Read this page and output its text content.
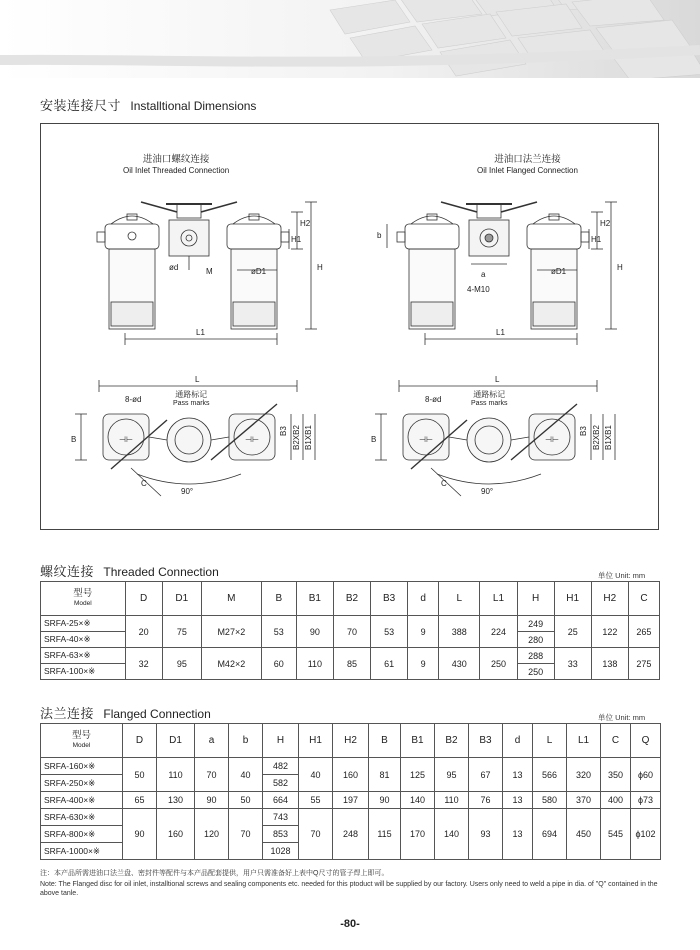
安装连接尺寸 Installtional Dimensions
⊣⊢	⊣⊢	⊣⊢	⊣⊢
ød	M	øD1
L1
H
H1
H2
a
4-M10
b
øD1
L1
H
H1
H2
L
8-ød
B
B3 B2XB2 B1XB1
C
90°
L
8-ød
B
B3 B2XB2 B1XB1
C
90°
进油口螺纹连接
Oil Inlet Threaded Connection
进油口法兰连接
Oil Inlet Flanged Connection
通路标记
Pass marks
通路标记
Pass marks
螺纹连接 Threaded Connection	单位 Unit: mm
型号
Model	D	D1	M	B	B1	B2	B3	d	L	L1	H	H1	H2	C
SRFA-25×※	20	75	M27×2	53	90	70	53	9	388	224	249	25	122	265
SRFA-40×※											280			
SRFA-63×※	32	95	M42×2	60	110	85	61	9	430	250	288	33	138	275
SRFA-100×※											250			
法兰连接 Flanged Connection	单位 Unit: mm
型号
Model	D	D1	a	b	H	H1	H2	B	B1	B2	B3	d	L	L1	C	Q
SRFA-160×※	50	110	70	40	482	40	160	81	125	95	67	13	566	320	350	ϕ60
SRFA-250×※					582											
SRFA-400×※	65	130	90	50	664	55	197	90	140	110	76	13	580	370	400	ϕ73
SRFA-630×※	90	160	120	70	743	70	248	115	170	140	93	13	694	450	545	ϕ102
SRFA-800×※					853											
SRFA-1000×※					1028											
注：本产品所需进油口法兰盘、密封件等配件与本产品配套提供，用户只需准备好上表中Q尺寸的管子焊上即可。
Note: The Flanged disc for oil inlet, installtional screws and sealing components etc. needed for this ptoduct will be supplied by our factory. Users only need to weld a pipe in dia. of "Q" contained in the above tanle.
-80-
